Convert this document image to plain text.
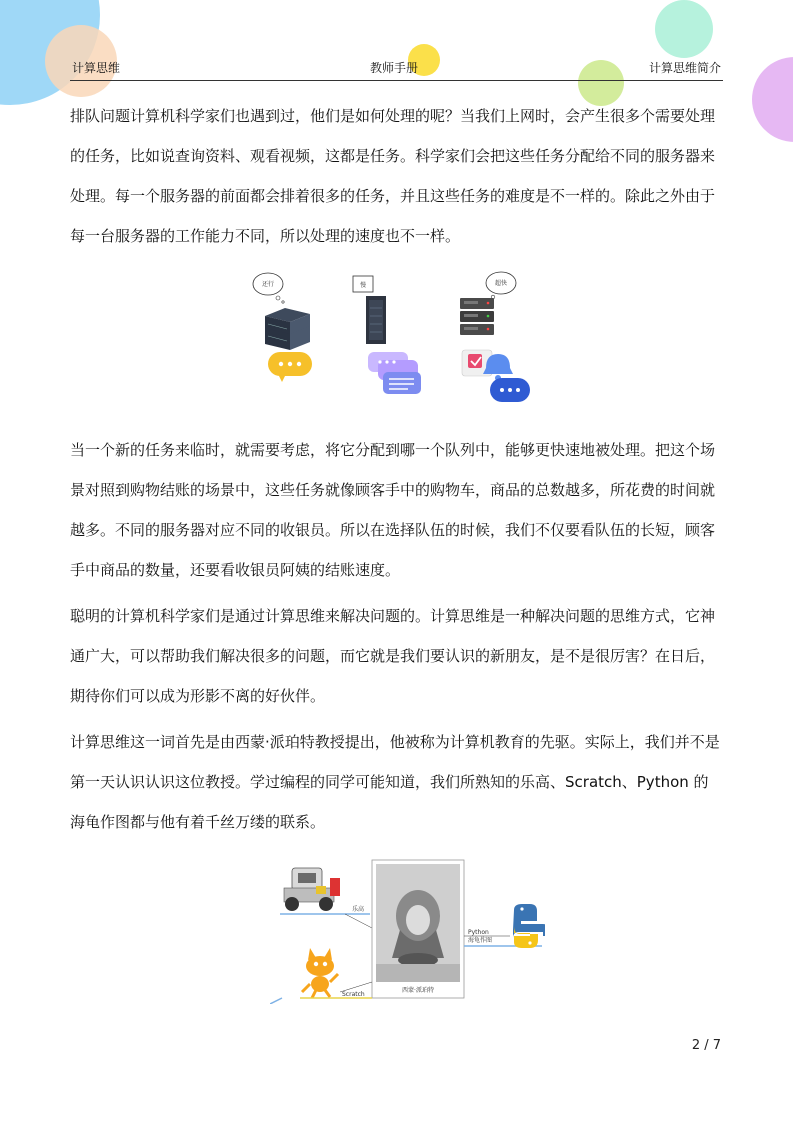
计算思维	教师手册	计算思维简介

排队问题计算机科学家们也遇到过，他们是如何处理的呢？当我们上网时，会产生很多个需要处理的任务，比如说查询资料、观看视频，这都是任务。科学家们会把这些任务分配给不同的服务器来处理。每一个服务器的前面都会排着很多的任务，并且这些任务的难度是不一样的。除此之外由于每一台服务器的工作能力不同，所以处理的速度也不一样。

还行	慢	超快

当一个新的任务来临时，就需要考虑，将它分配到哪一个队列中，能够更快速地被处理。把这个场景对照到购物结账的场景中，这些任务就像顾客手中的购物车，商品的总数越多，所花费的时间就越多。不同的服务器对应不同的收银员。所以在选择队伍的时候，我们不仅要看队伍的长短，顾客手中商品的数量，还要看收银员阿姨的结账速度。

聪明的计算机科学家们是通过计算思维来解决问题的。计算思维是一种解决问题的思维方式，它神通广大，可以帮助我们解决很多的问题，而它就是我们要认识的新朋友，是不是很厉害？在日后，期待你们可以成为形影不离的好伙伴。

计算思维这一词首先是由西蒙·派珀特教授提出，他被称为计算机教育的先驱。实际上，我们并不是第一天认识认识这位教授。学过编程的同学可能知道，我们所熟知的乐高、Scratch、Python 的海龟作图都与他有着千丝万缕的联系。

乐高
西蒙·派珀特
Python
海龟作图
Scratch
2 / 7
